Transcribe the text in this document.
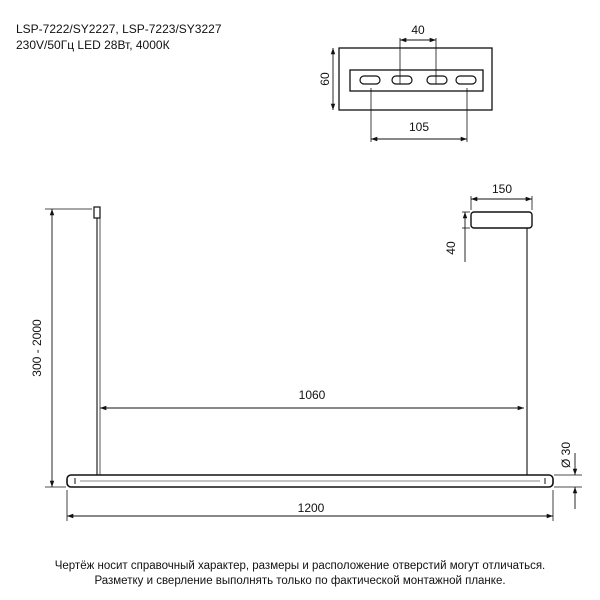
LSP-7222/SY2227, LSP-7223/SY3227
230V/50Гц LED 28Вт, 4000К
40
60
105
150
40
300 - 2000
1060
Ø 30
1200
Чертёж носит справочный характер, размеры и расположение отверстий могут отличаться.
Разметку и сверление выполнять только по фактической монтажной планке.
